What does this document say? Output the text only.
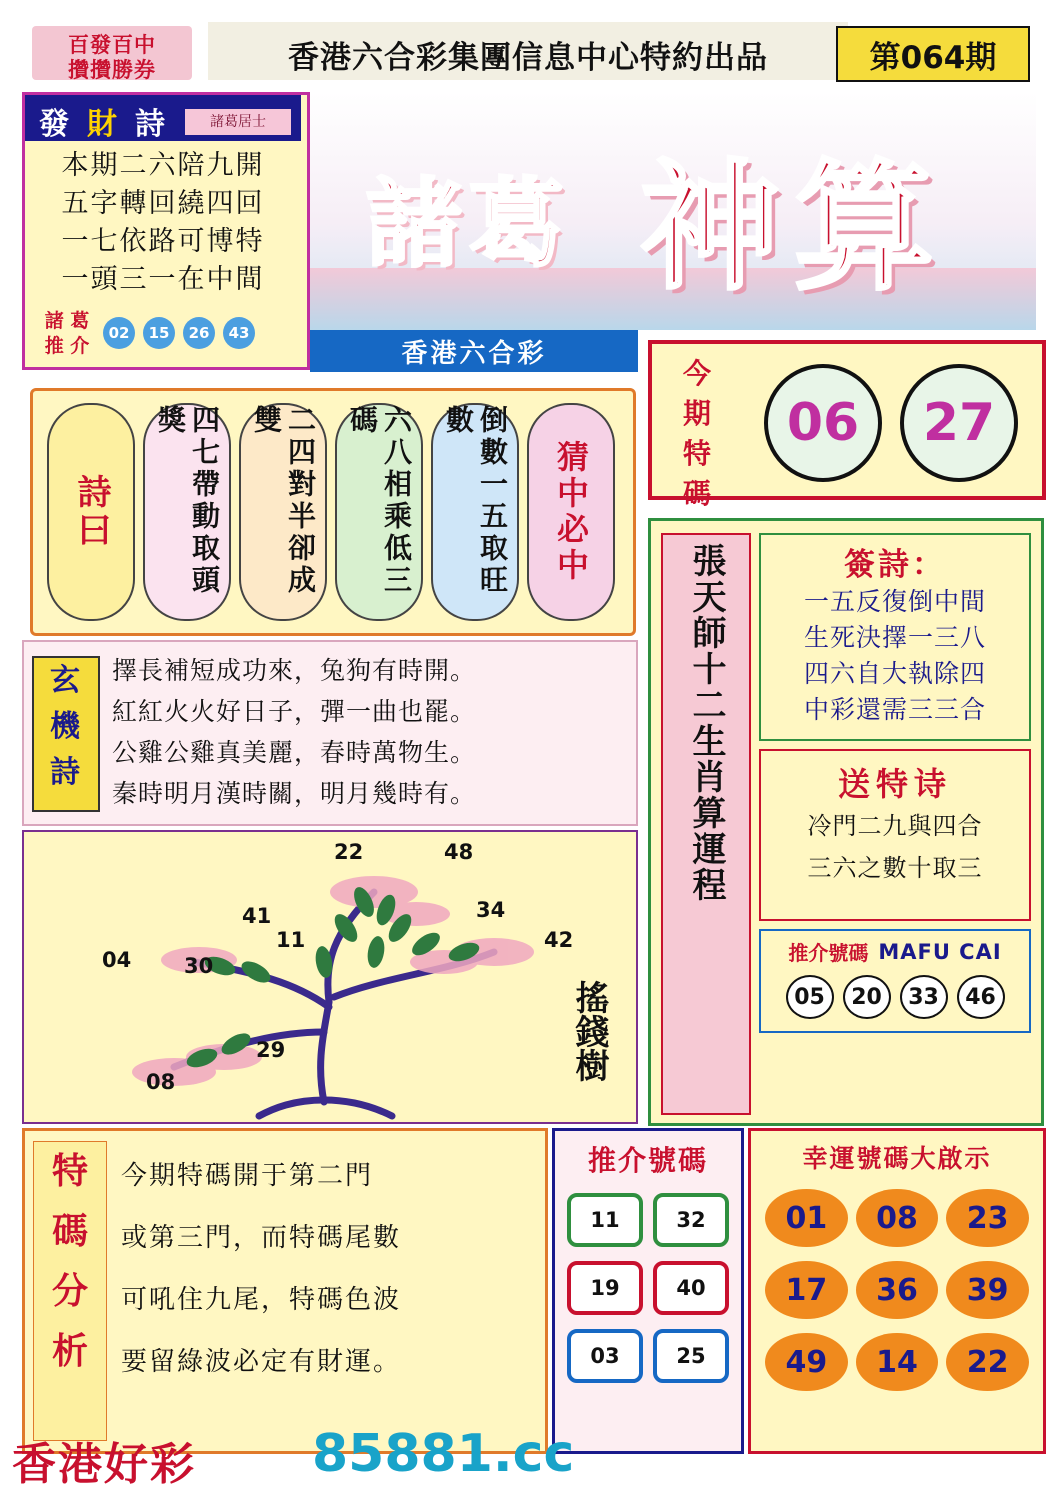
百發百中
攢攢勝券	香港六合彩集團信息中心特約出品	第064期
發 財 詩	諸葛居士
本期二六陪九開
五字轉回繞四回
一七依路可博特
一頭三一在中間
諸 葛
推 介
02	15	26	43
諸葛 神算
香港六合彩
今
期
特
碼
06	27
詩曰	四七帶動取頭獎	二四對半卻成雙	六八相乘低三碼	倒數一五取旺數
猜中必中
玄
機
詩
擇長補短成功來，兔狗有時開。
紅紅火火好日子，彈一曲也罷。
公雞公雞真美麗，春時萬物生。
秦時明月漢時關，明月幾時有。
搖錢樹
22	48
41	34
11	42
04	30
29
08
張天師十二生肖算運程	簽詩：
一五反復倒中間
生死決擇一三八
四六自大執除四
中彩還需三三合
送特诗
冷門二九與四合
三六之數十取三
推介號碼 MAFU CAI
05	20	33	46
特
碼
分
析
今期特碼開于第二門
或第三門，而特碼尾數
可吼住九尾，特碼色波
要留綠波必定有財運。
推介號碼
11	32
19	40
03	25
幸運號碼大啟示
01	08	23
17	36	39
49	14	22
香港好彩 85881.cc
